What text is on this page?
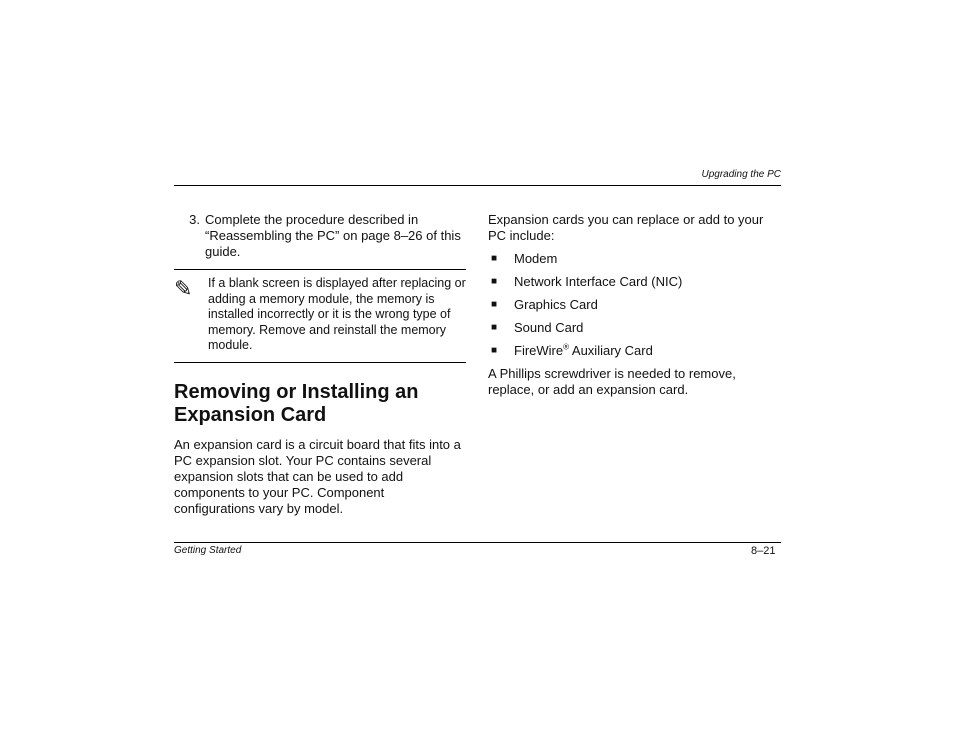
Upgrading the PC
3. Complete the procedure described in “Reassembling the PC” on page 8–26 of this guide.
✎	If a blank screen is displayed after replacing or adding a memory module, the memory is installed incorrectly or it is the wrong type of memory. Remove and reinstall the memory module.
Removing or Installing an Expansion Card

An expansion card is a circuit board that fits into a PC expansion slot. Your PC contains several expansion slots that can be used to add components to your PC. Component configurations vary by model.

Expansion cards you can replace or add to your PC include:

■	Modem
■	Network Interface Card (NIC)
■	Graphics Card
■	Sound Card
■	FireWire® Auxiliary Card

A Phillips screwdriver is needed to remove, replace, or add an expansion card.

Getting Started	8–21
